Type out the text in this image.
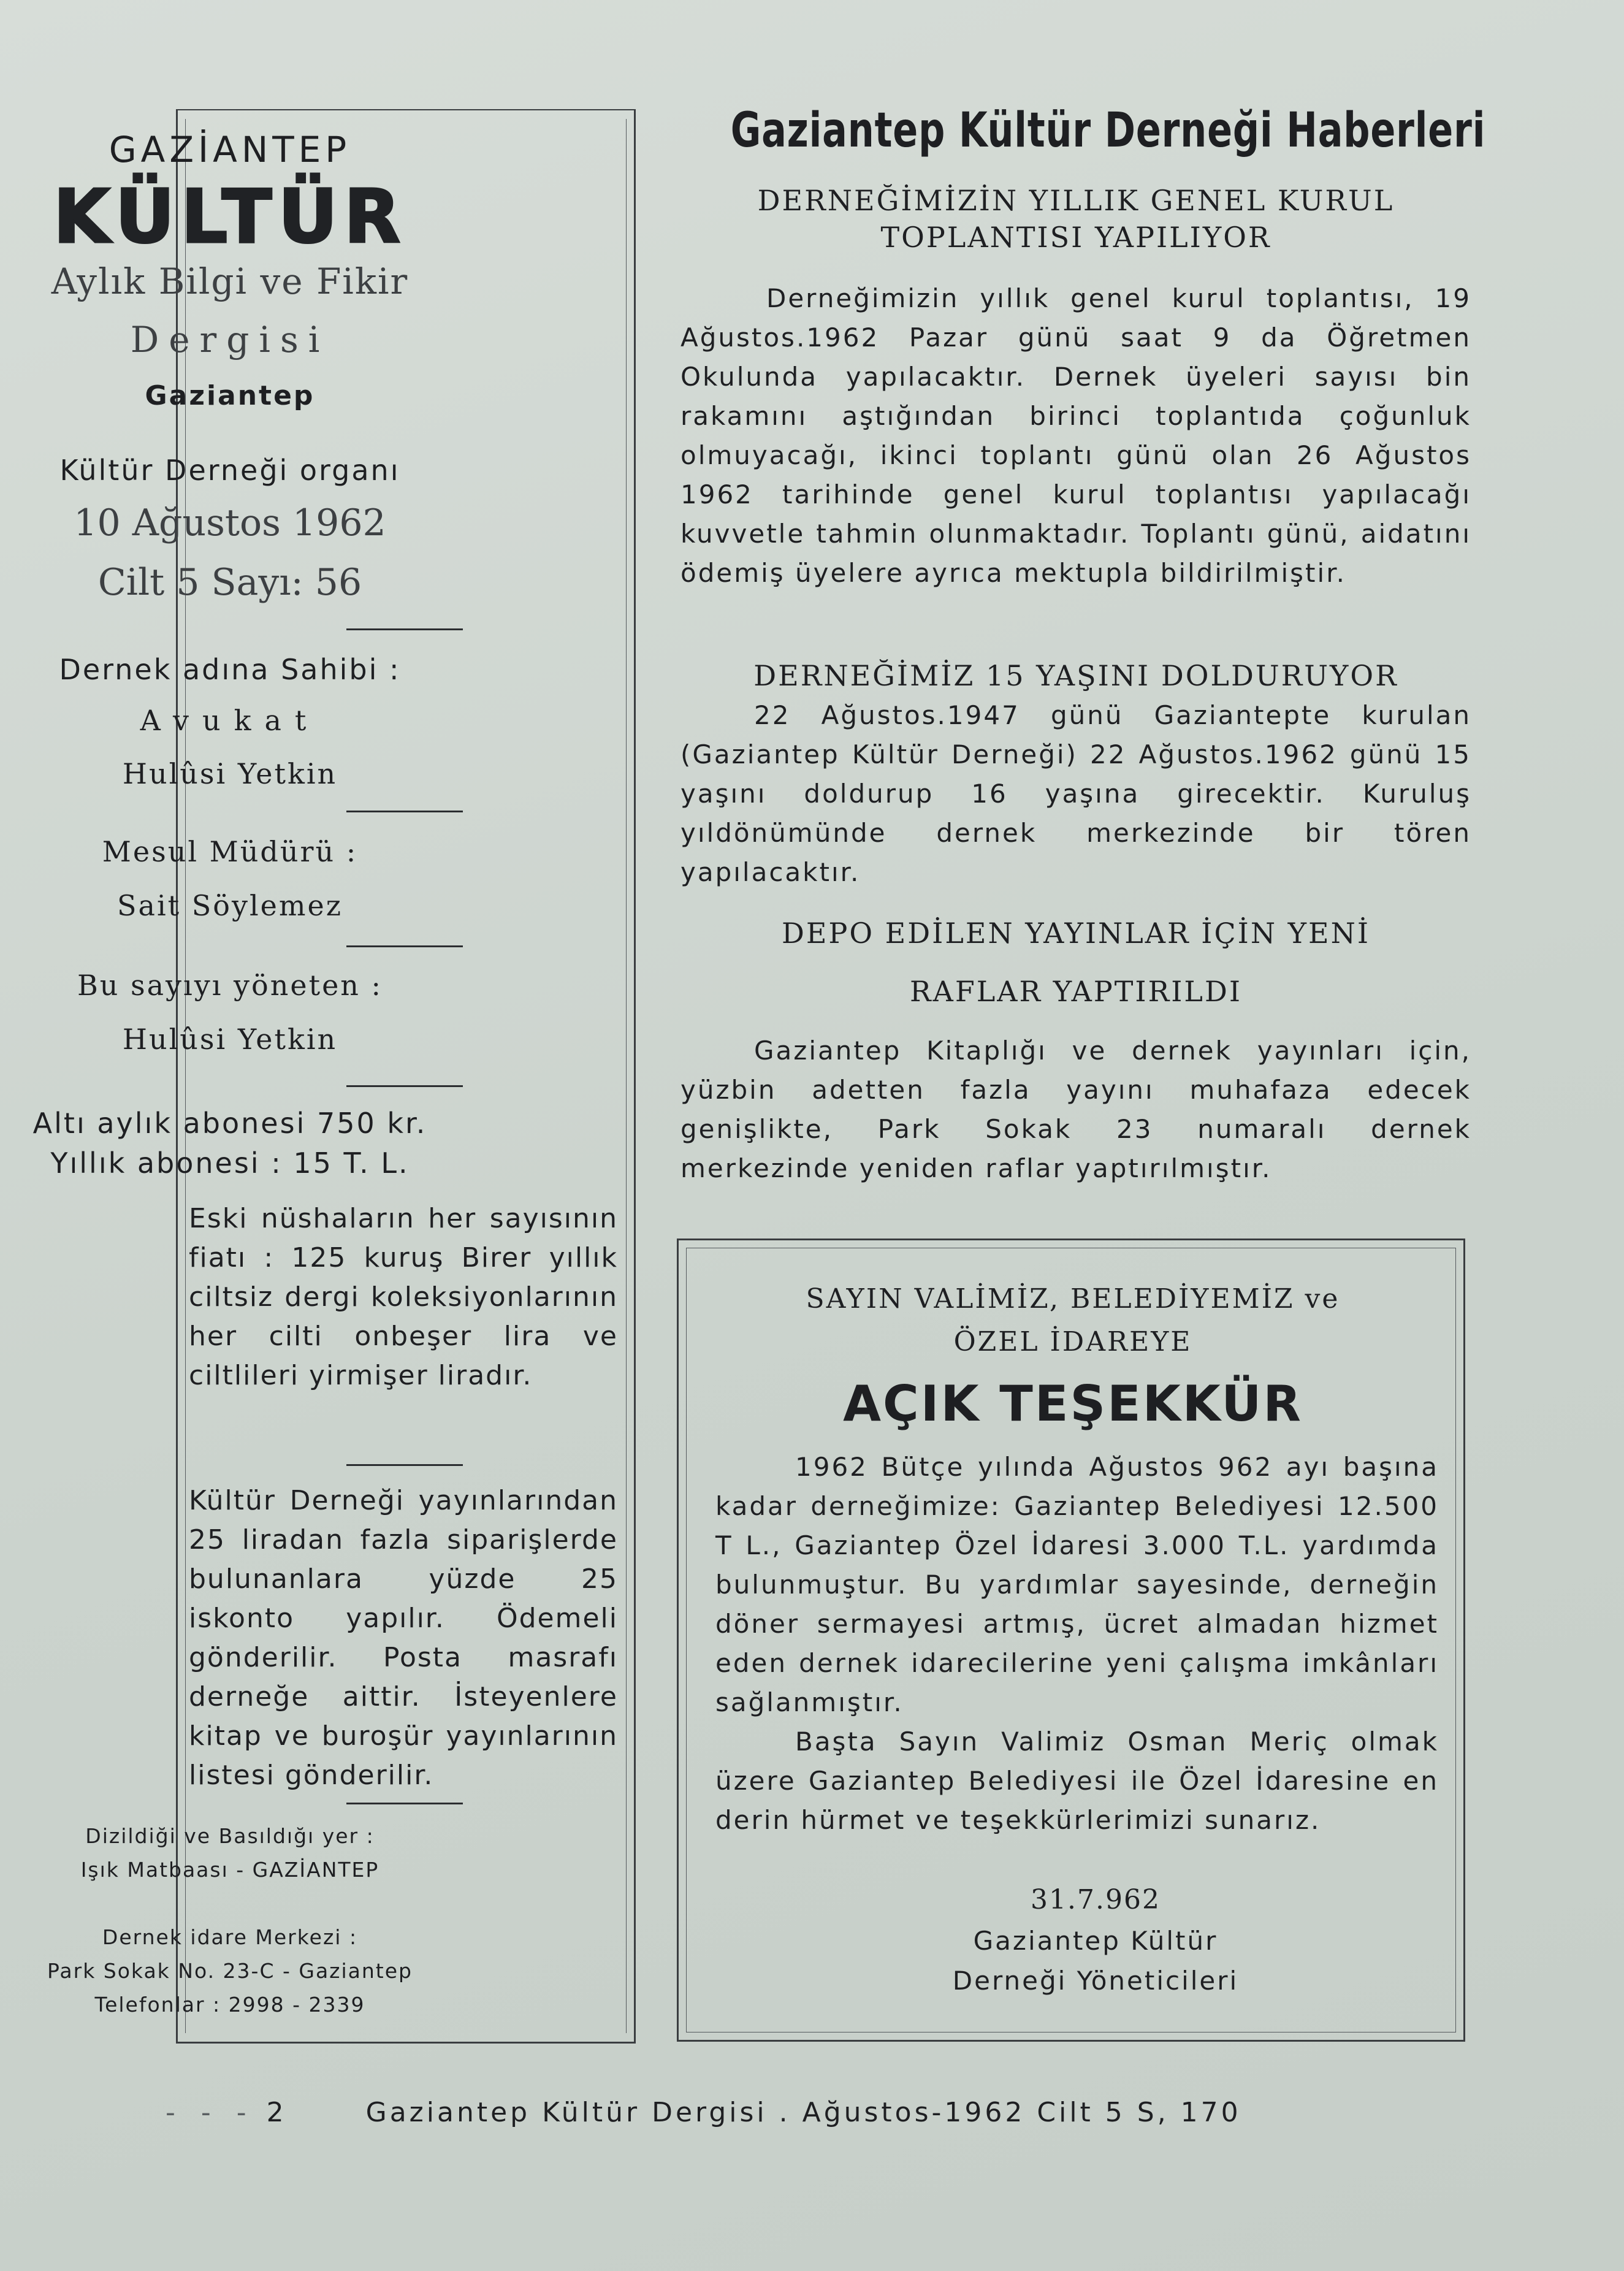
GAZİANTEP
KÜLTÜR
Aylık Bilgi ve Fikir
Dergisi
Gaziantep
Kültür Derneği organı
10 Ağustos 1962
Cilt 5 Sayı: 56
Dernek adına Sahibi :
Avukat
Hulûsi Yetkin
Mesul Müdürü :
Sait Söylemez
Bu sayıyı yöneten :
Hulûsi Yetkin
Altı aylık abonesi 750 kr.
Yıllık abonesi : 15 T. L.
Eski nüshaların her sayısının fiatı : 125 kuruş Birer yıllık ciltsiz dergi koleksiyonlarının her cilti onbeşer lira ve ciltlileri yirmişer liradır.
Kültür Derneği yayınlarından 25 liradan fazla siparişlerde bulunanlara yüzde 25 iskonto yapılır. Ödemeli gönderilir. Posta masrafı derneğe aittir. İsteyenlere kitap ve buroşür yayınlarının listesi gönderilir.
Dizildiği ve Basıldığı yer :
Işık Matbaası - GAZİANTEP
Dernek idare Merkezi :
Park Sokak No. 23-C - Gaziantep
Telefonlar : 2998 - 2339
Gaziantep Kültür Derneği Haberleri
DERNEĞİMİZİN YILLIK GENEL KURUL
TOPLANTISI YAPILIYOR
Derneğimizin yıllık genel kurul toplantısı, 19 Ağustos.1962 Pazar günü saat 9 da Öğretmen Okulunda yapılacaktır. Dernek üyeleri sayısı bin rakamını aştığından birinci toplantıda çoğunluk olmuyacağı, ikinci toplantı günü olan 26 Ağustos 1962 tarihinde genel kurul toplantısı yapılacağı kuvvetle tahmin olunmaktadır. Toplantı günü, aidatını ödemiş üyelere ayrıca mektupla bildirilmiştir.
DERNEĞİMİZ 15 YAŞINI DOLDURUYOR
22 Ağustos.1947 günü Gaziantepte kurulan (Gaziantep Kültür Derneği) 22 Ağustos.1962 günü 15 yaşını doldurup 16 yaşına girecektir. Kuruluş yıldönümünde dernek merkezinde bir tören yapılacaktır.
DEPO EDİLEN YAYINLAR İÇİN YENİ
RAFLAR YAPTIRILDI
Gaziantep Kitaplığı ve dernek yayınları için, yüzbin adetten fazla yayını muhafaza edecek genişlikte, Park Sokak 23 numaralı dernek merkezinde yeniden raflar yaptırılmıştır.
SAYIN VALİMİZ, BELEDİYEMİZ ve
ÖZEL İDAREYE
AÇIK TEŞEKKÜR
1962 Bütçe yılında Ağustos 962 ayı başına kadar derneğimize: Gaziantep Belediyesi 12.500 T L., Gaziantep Özel İdaresi 3.000 T.L. yardımda bulunmuştur. Bu yardımlar sayesinde, derneğin döner sermayesi artmış, ücret almadan hizmet eden dernek idarecilerine yeni çalışma imkânları sağlanmıştır.
Başta Sayın Valimiz Osman Meriç olmak üzere Gaziantep Belediyesi ile Özel İdaresine en derin hürmet ve teşekkürlerimizi sunarız.
31.7.962
Gaziantep Kültür
Derneği Yöneticileri
‐ ‐ ‐ 2	Gaziantep Kültür Dergisi . Ağustos-1962 Cilt 5 S, 170
